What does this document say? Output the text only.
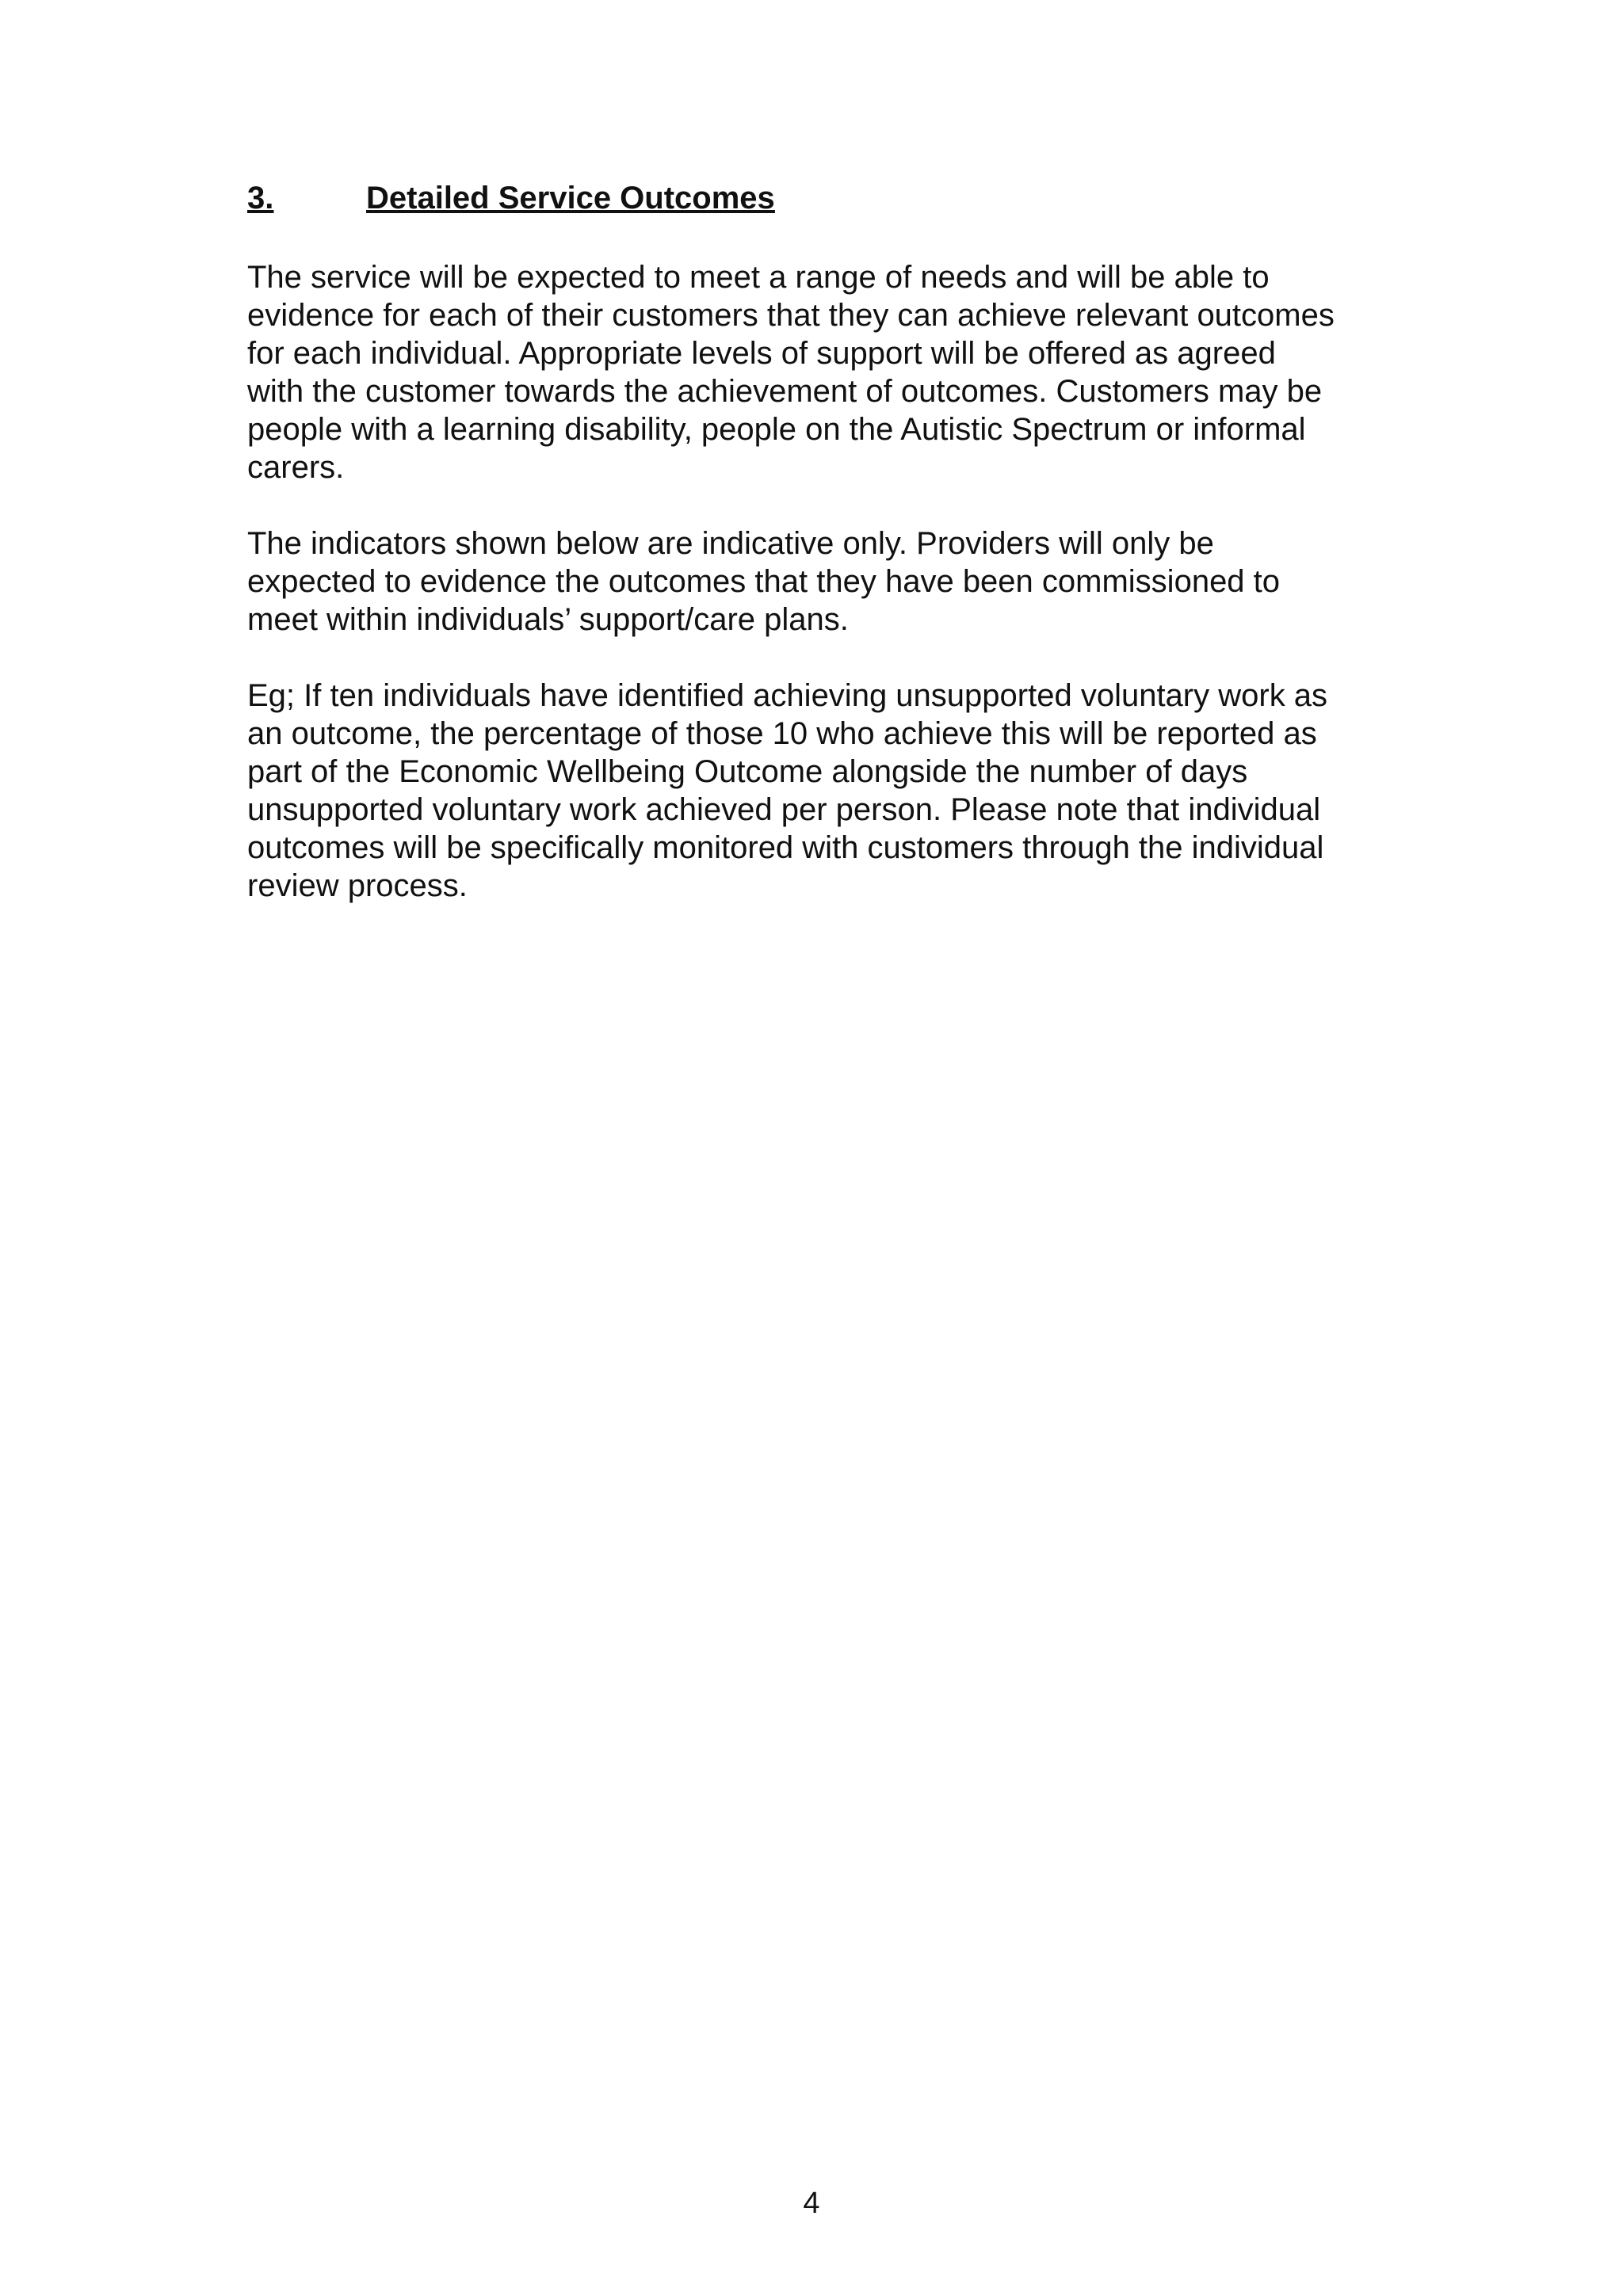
3.	Detailed Service Outcomes

The service will be expected to meet a range of needs and will be able to
evidence for each of their customers that they can achieve relevant outcomes
for each individual. Appropriate levels of support will be offered as agreed
with the customer towards the achievement of outcomes. Customers may be
people with a learning disability, people on the Autistic Spectrum or informal
carers.

The indicators shown below are indicative only. Providers will only be
expected to evidence the outcomes that they have been commissioned to
meet within individuals’ support/care plans.

Eg; If ten individuals have identified achieving unsupported voluntary work as
an outcome, the percentage of those 10 who achieve this will be reported as
part of the Economic Wellbeing Outcome alongside the number of days
unsupported voluntary work achieved per person. Please note that individual
outcomes will be specifically monitored with customers through the individual
review process.

4
